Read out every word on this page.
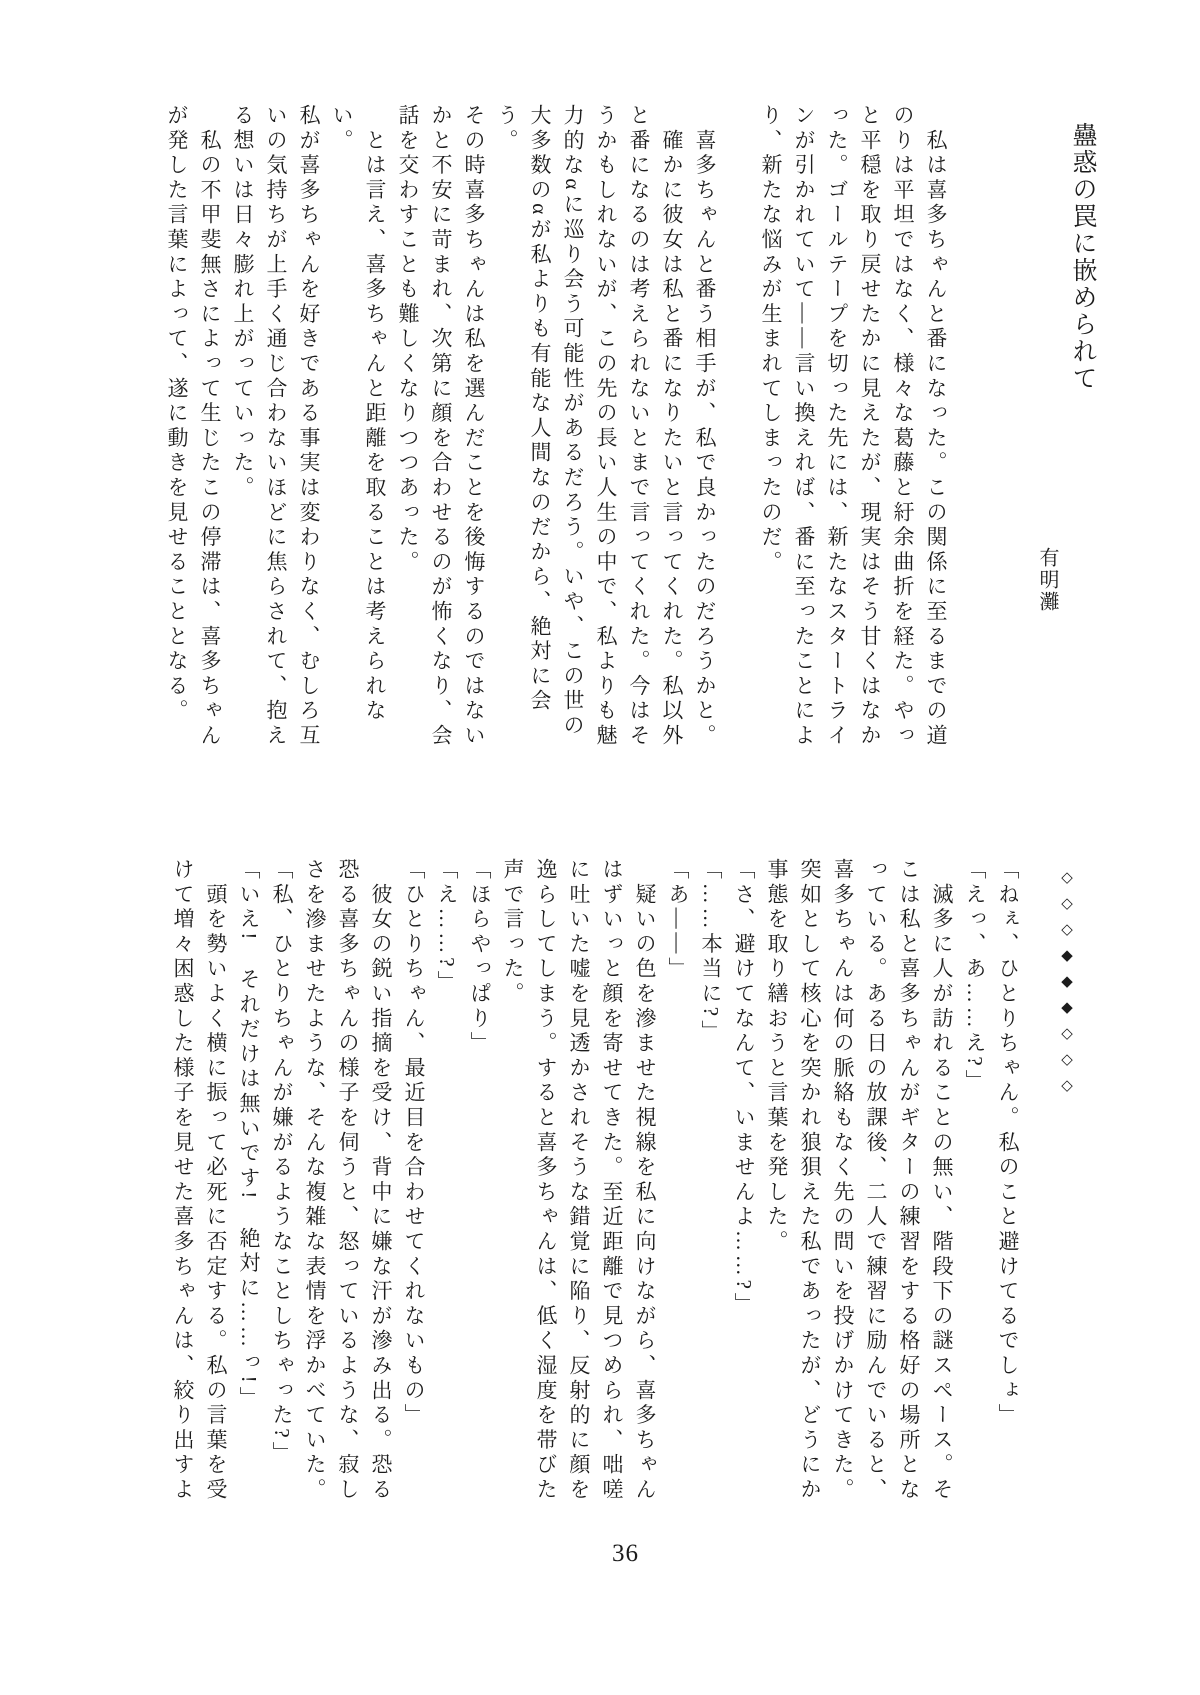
蠱惑の罠に嵌められて
有明灘
　私は喜多ちゃんと番になった。この関係に至るまでの道
のりは平坦ではなく、様々な葛藤と紆余曲折を経た。やっ
と平穏を取り戻せたかに見えたが、現実はそう甘くはなか
った。ゴールテープを切った先には、新たなスタートライ
ンが引かれていて――言い換えれば、番に至ったことによ
り、新たな悩みが生まれてしまったのだ。
　喜多ちゃんと番う相手が、私で良かったのだろうかと。
　確かに彼女は私と番になりたいと言ってくれた。私以外
と番になるのは考えられないとまで言ってくれた。今はそ
うかもしれないが、この先の長い人生の中で、私よりも魅
力的なαに巡り会う可能性があるだろう。いや、この世の
大多数のαが私よりも有能な人間なのだから、絶対に会う。
その時喜多ちゃんは私を選んだことを後悔するのではない
かと不安に苛まれ、次第に顔を合わせるのが怖くなり、会
話を交わすことも難しくなりつつあった。
　とは言え、喜多ちゃんと距離を取ることは考えられない。
私が喜多ちゃんを好きである事実は変わりなく、むしろ互
いの気持ちが上手く通じ合わないほどに焦らされて、抱え
る想いは日々膨れ上がっていった。
　私の不甲斐無さによって生じたこの停滞は、喜多ちゃん
が発した言葉によって、遂に動きを見せることとなる。
◇◇◇◆◆◆◇◇◇
「ねぇ、ひとりちゃん。私のこと避けてるでしょ」
「えっ、あ……え?」
　滅多に人が訪れることの無い、階段下の謎スペース。そ
こは私と喜多ちゃんがギターの練習をする格好の場所とな
っている。ある日の放課後、二人で練習に励んでいると、
喜多ちゃんは何の脈絡もなく先の問いを投げかけてきた。
突如として核心を突かれ狼狽えた私であったが、どうにか
事態を取り繕おうと言葉を発した。
「さ、避けてなんて、いませんよ……?」
「……本当に?」
「あ――」
　疑いの色を滲ませた視線を私に向けながら、喜多ちゃん
はずいっと顔を寄せてきた。至近距離で見つめられ、咄嗟
に吐いた嘘を見透かされそうな錯覚に陥り、反射的に顔を
逸らしてしまう。すると喜多ちゃんは、低く湿度を帯びた
声で言った。
「ほらやっぱり」
「え……?」
「ひとりちゃん、最近目を合わせてくれないもの」
　彼女の鋭い指摘を受け、背中に嫌な汗が滲み出る。恐る
恐る喜多ちゃんの様子を伺うと、怒っているような、寂し
さを滲ませたような、そんな複雑な表情を浮かべていた。
「私、ひとりちゃんが嫌がるようなことしちゃった?」
「いえ!　それだけは無いです!　絶対に……っ!」
　頭を勢いよく横に振って必死に否定する。私の言葉を受
けて増々困惑した様子を見せた喜多ちゃんは、絞り出すよ
36
